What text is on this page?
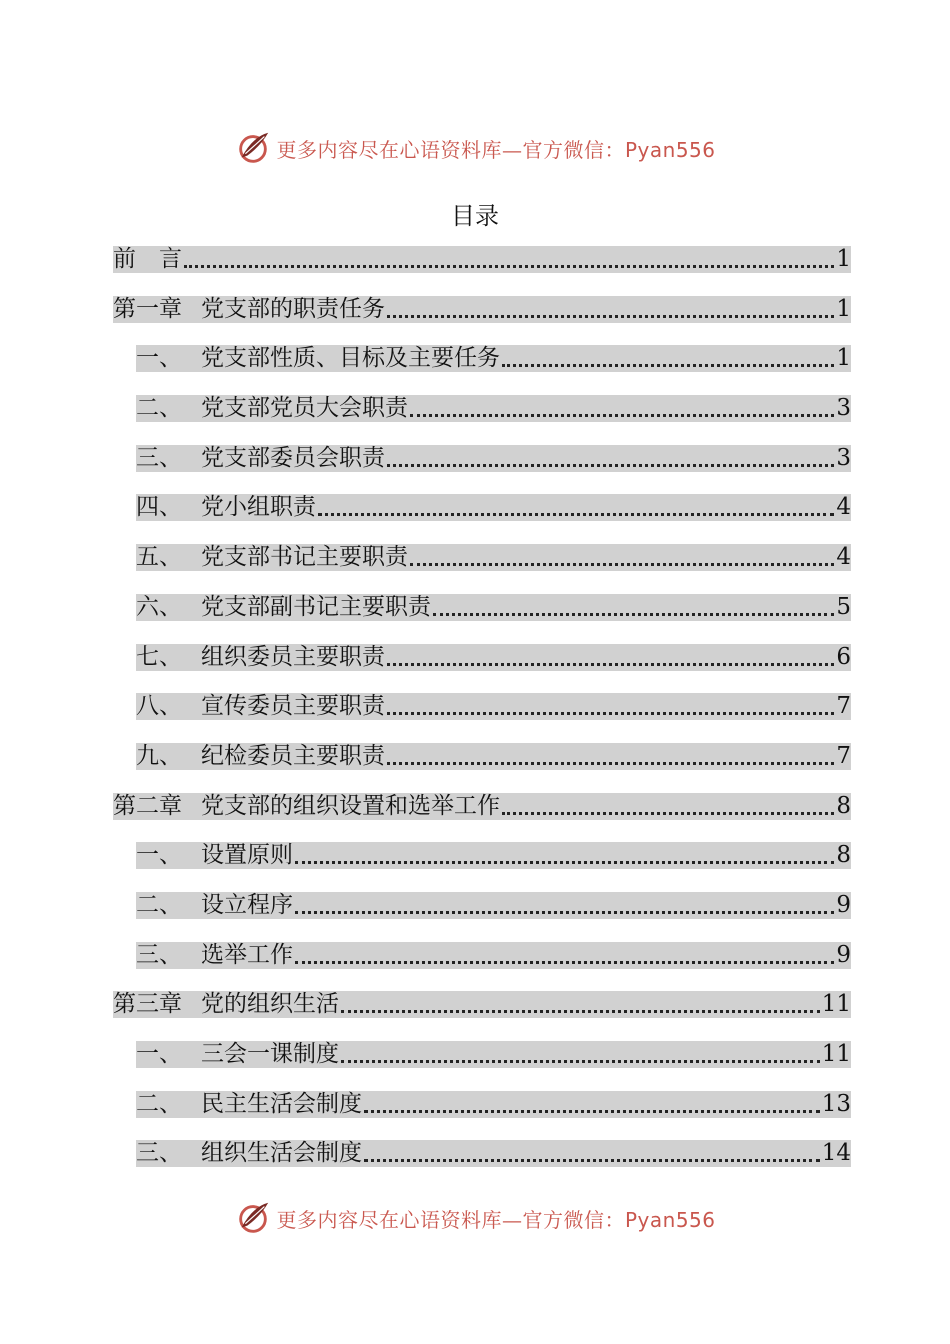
更多内容尽在心语资料库—官方微信：Pyan556
目录
前　言	1
第一章 党支部的职责任务	1
一、 党支部性质、目标及主要任务	1
二、 党支部党员大会职责	3
三、 党支部委员会职责	3
四、 党小组职责	4
五、 党支部书记主要职责	4
六、 党支部副书记主要职责	5
七、 组织委员主要职责	6
八、 宣传委员主要职责	7
九、 纪检委员主要职责	7
第二章 党支部的组织设置和选举工作	8
一、 设置原则	8
二、 设立程序	9
三、 选举工作	9
第三章 党的组织生活	11
一、 三会一课制度	11
二、 民主生活会制度	13
三、 组织生活会制度	14
更多内容尽在心语资料库—官方微信：Pyan556
